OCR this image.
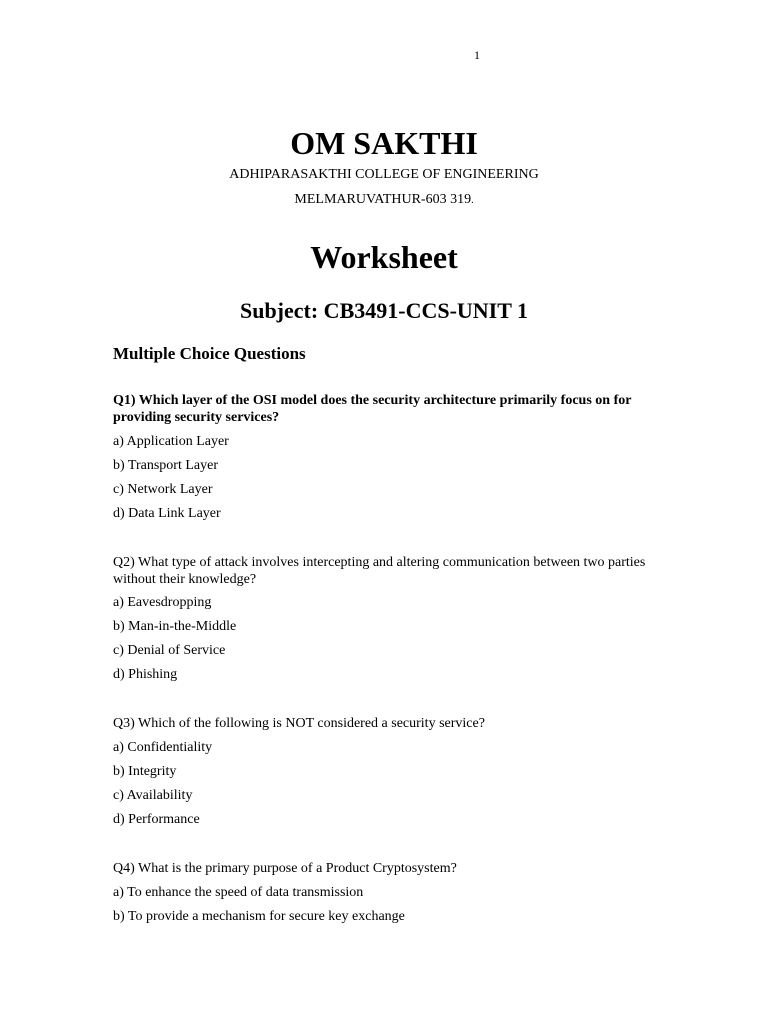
1
OM SAKTHI
ADHIPARASAKTHI COLLEGE OF ENGINEERING
MELMARUVATHUR-603 319.
Worksheet
Subject: CB3491-CCS-UNIT 1
Multiple Choice Questions
Q1) Which layer of the OSI model does the security architecture primarily focus on for providing security services?
a) Application Layer
b) Transport Layer
c) Network Layer
d) Data Link Layer
Q2) What type of attack involves intercepting and altering communication between two parties without their knowledge?
a) Eavesdropping
b) Man-in-the-Middle
c) Denial of Service
d) Phishing
Q3) Which of the following is NOT considered a security service?
a) Confidentiality
b) Integrity
c) Availability
d) Performance
Q4) What is the primary purpose of a Product Cryptosystem?
a) To enhance the speed of data transmission
b) To provide a mechanism for secure key exchange
